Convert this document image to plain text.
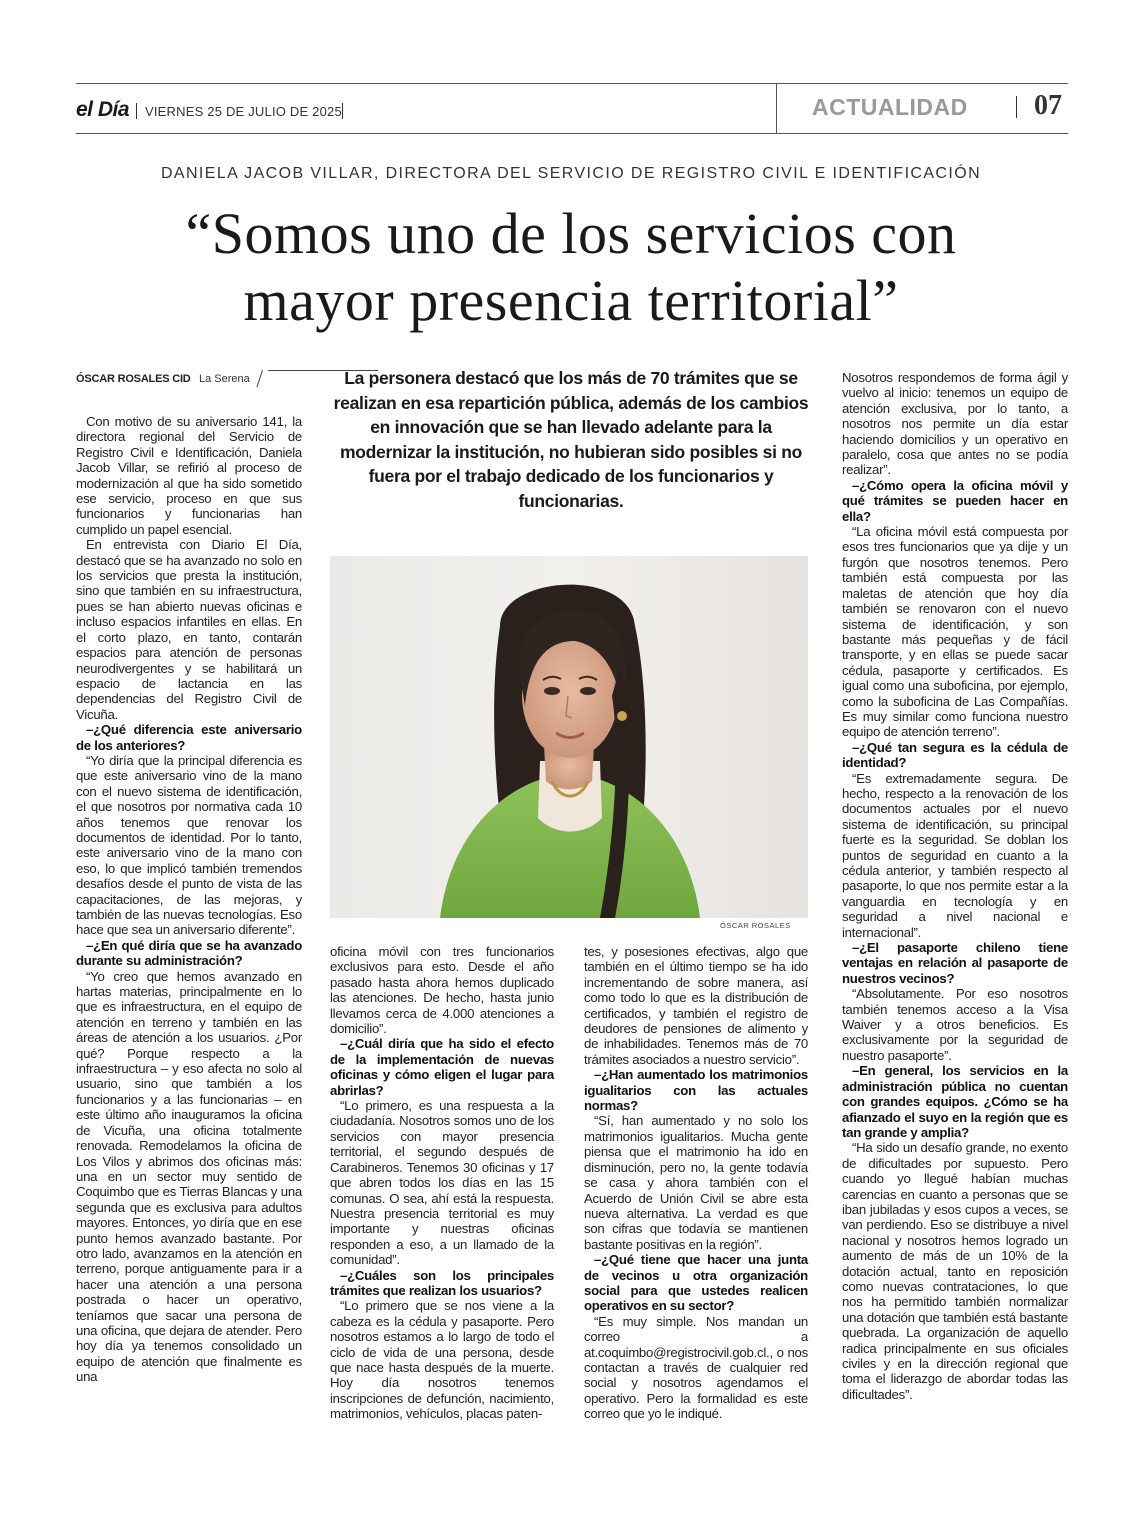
el Día VIERNES 25 DE JULIO DE 2025	ACTUALIDAD 07
DANIELA JACOB VILLAR, DIRECTORA DEL SERVICIO DE REGISTRO CIVIL E IDENTIFICACIÓN
“Somos uno de los servicios con
mayor presencia territorial”
ÓSCAR ROSALES CID La Serena	La personera destacó que los más de 70 trámites que se realizan en esa repartición pública, además de los cambios en innovación que se han llevado adelante para la modernizar la institución, no hubieran sido posibles si no fuera por el trabajo dedicado de los funcionarios y funcionarias.
ÓSCAR ROSALES

Con motivo de su aniversario 141, la directora regional del Servicio de Registro Civil e Identificación, Daniela Jacob Villar, se refirió al proceso de modernización al que ha sido sometido ese servicio, proceso en que sus funcionarios y funcionarias han cumplido un papel esencial.

En entrevista con Diario El Día, destacó que se ha avanzado no solo en los servicios que presta la institución, sino que también en su infraestructura, pues se han abierto nuevas oficinas e incluso espacios infantiles en ellas. En el corto plazo, en tanto, contarán espacios para atención de personas neurodivergentes y se habilitará un espacio de lactancia en las dependencias del Registro Civil de Vicuña.

–¿Qué diferencia este aniversario de los anteriores?

“Yo diría que la principal diferencia es que este aniversario vino de la mano con el nuevo sistema de identificación, el que nosotros por normativa cada 10 años tenemos que renovar los documentos de identidad. Por lo tanto, este aniversario vino de la mano con eso, lo que implicó también tremendos desafíos desde el punto de vista de las capacitaciones, de las mejoras, y también de las nuevas tecnologías. Eso hace que sea un aniversario diferente”.

–¿En qué diría que se ha avanzado durante su administración?

“Yo creo que hemos avanzado en hartas materias, principalmente en lo que es infraestructura, en el equipo de atención en terreno y también en las áreas de atención a los usuarios. ¿Por qué? Porque respecto a la infraestructura – y eso afecta no solo al usuario, sino que también a los funcionarios y a las funcionarias – en este último año inauguramos la oficina de Vicuña, una oficina totalmente renovada. Remodelamos la oficina de Los Vilos y abrimos dos oficinas más: una en un sector muy sentido de Coquimbo que es Tierras Blancas y una segunda que es exclusiva para adultos mayores. Entonces, yo diría que en ese punto hemos avanzado bastante. Por otro lado, avanzamos en la atención en terreno, porque antiguamente para ir a hacer una atención a una persona postrada o hacer un operativo, teníamos que sacar una persona de una oficina, que dejara de atender. Pero hoy día ya tenemos consolidado un equipo de atención que finalmente es una

oficina móvil con tres funcionarios exclusivos para esto. Desde el año pasado hasta ahora hemos duplicado las atenciones. De hecho, hasta junio llevamos cerca de 4.000 atenciones a domicilio”.

–¿Cuál diría que ha sido el efecto de la implementación de nuevas oficinas y cómo eligen el lugar para abrirlas?

“Lo primero, es una respuesta a la ciudadanía. Nosotros somos uno de los servicios con mayor presencia territorial, el segundo después de Carabineros. Tenemos 30 oficinas y 17 que abren todos los días en las 15 comunas. O sea, ahí está la respuesta. Nuestra presencia territorial es muy importante y nuestras oficinas responden a eso, a un llamado de la comunidad”.

–¿Cuáles son los principales trámites que realizan los usuarios?

“Lo primero que se nos viene a la cabeza es la cédula y pasaporte. Pero nosotros estamos a lo largo de todo el ciclo de vida de una persona, desde que nace hasta después de la muerte. Hoy día nosotros tenemos inscripciones de defunción, nacimiento, matrimonios, vehículos, placas paten-

tes, y posesiones efectivas, algo que también en el último tiempo se ha ido incrementando de sobre manera, así como todo lo que es la distribución de certificados, y también el registro de deudores de pensiones de alimento y de inhabilidades. Tenemos más de 70 trámites asociados a nuestro servicio”.

–¿Han aumentado los matrimonios igualitarios con las actuales normas?

“Sí, han aumentado y no solo los matrimonios igualitarios. Mucha gente piensa que el matrimonio ha ido en disminución, pero no, la gente todavía se casa y ahora también con el Acuerdo de Unión Civil se abre esta nueva alternativa. La verdad es que son cifras que todavía se mantienen bastante positivas en la región”.

–¿Qué tiene que hacer una junta de vecinos u otra organización social para que ustedes realicen operativos en su sector?

“Es muy simple. Nos mandan un correo a at.coquimbo@registrocivil.gob.cl., o nos contactan a través de cualquier red social y nosotros agendamos el operativo. Pero la formalidad es este correo que yo le indiqué.

Nosotros respondemos de forma ágil y vuelvo al inicio: tenemos un equipo de atención exclusiva, por lo tanto, a nosotros nos permite un día estar haciendo domicilios y un operativo en paralelo, cosa que antes no se podía realizar”.

–¿Cómo opera la oficina móvil y qué trámites se pueden hacer en ella?

“La oficina móvil está compuesta por esos tres funcionarios que ya dije y un furgón que nosotros tenemos. Pero también está compuesta por las maletas de atención que hoy día también se renovaron con el nuevo sistema de identificación, y son bastante más pequeñas y de fácil transporte, y en ellas se puede sacar cédula, pasaporte y certificados. Es igual como una suboficina, por ejemplo, como la suboficina de Las Compañías. Es muy similar como funciona nuestro equipo de atención terreno”.

–¿Qué tan segura es la cédula de identidad?

“Es extremadamente segura. De hecho, respecto a la renovación de los documentos actuales por el nuevo sistema de identificación, su principal fuerte es la seguridad. Se doblan los puntos de seguridad en cuanto a la cédula anterior, y también respecto al pasaporte, lo que nos permite estar a la vanguardia en tecnología y en seguridad a nivel nacional e internacional”.

–¿El pasaporte chileno tiene ventajas en relación al pasaporte de nuestros vecinos?

“Absolutamente. Por eso nosotros también tenemos acceso a la Visa Waiver y a otros beneficios. Es exclusivamente por la seguridad de nuestro pasaporte”.

–En general, los servicios en la administración pública no cuentan con grandes equipos. ¿Cómo se ha afianzado el suyo en la región que es tan grande y amplia?

“Ha sido un desafío grande, no exento de dificultades por supuesto. Pero cuando yo llegué habían muchas carencias en cuanto a personas que se iban jubiladas y esos cupos a veces, se van perdiendo. Eso se distribuye a nivel nacional y nosotros hemos logrado un aumento de más de un 10% de la dotación actual, tanto en reposición como nuevas contrataciones, lo que nos ha permitido también normalizar una dotación que también está bastante quebrada. La organización de aquello radica principalmente en sus oficiales civiles y en la dirección regional que toma el liderazgo de abordar todas las dificultades”.
